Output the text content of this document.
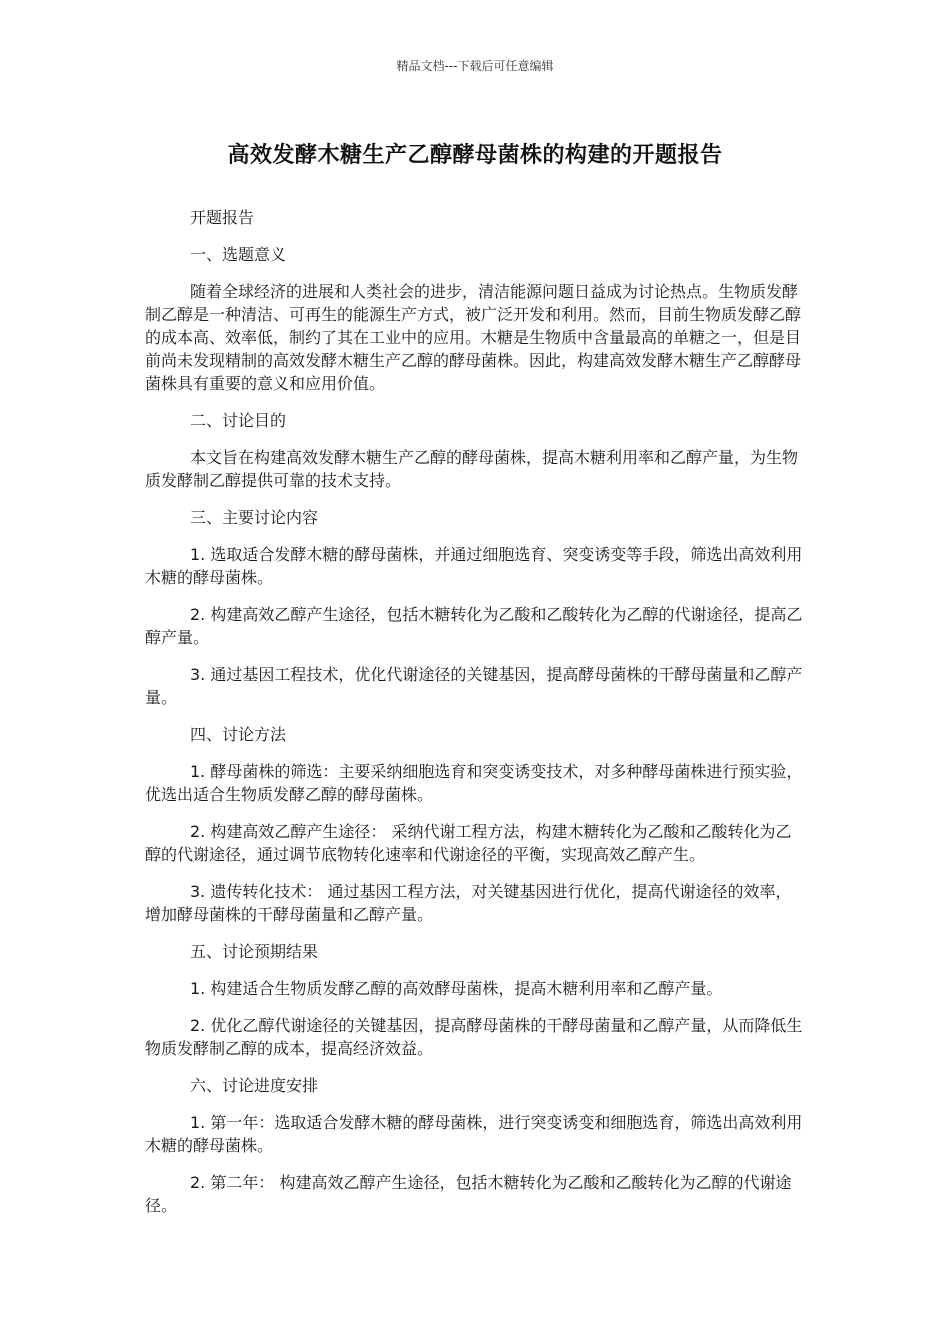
精品文档---下载后可任意编辑
高效发酵木糖生产乙醇酵母菌株的构建的开题报告

开题报告

一、选题意义

随着全球经济的进展和人类社会的进步，清洁能源问题日益成为讨论热点。生物质发酵制乙醇是一种清洁、可再生的能源生产方式，被广泛开发和利用。然而，目前生物质发酵乙醇的成本高、效率低，制约了其在工业中的应用。木糖是生物质中含量最高的单糖之一，但是目前尚未发现精制的高效发酵木糖生产乙醇的酵母菌株。因此，构建高效发酵木糖生产乙醇酵母菌株具有重要的意义和应用价值。

二、讨论目的

本文旨在构建高效发酵木糖生产乙醇的酵母菌株，提高木糖利用率和乙醇产量，为生物质发酵制乙醇提供可靠的技术支持。

三、主要讨论内容

1. 选取适合发酵木糖的酵母菌株，并通过细胞选育、突变诱变等手段，筛选出高效利用木糖的酵母菌株。

2. 构建高效乙醇产生途径，包括木糖转化为乙酸和乙酸转化为乙醇的代谢途径，提高乙醇产量。

3. 通过基因工程技术，优化代谢途径的关键基因，提高酵母菌株的干酵母菌量和乙醇产量。

四、讨论方法

1. 酵母菌株的筛选：主要采纳细胞选育和突变诱变技术，对多种酵母菌株进行预实验，优选出适合生物质发酵乙醇的酵母菌株。

2. 构建高效乙醇产生途径： 采纳代谢工程方法，构建木糖转化为乙酸和乙酸转化为乙醇的代谢途径，通过调节底物转化速率和代谢途径的平衡，实现高效乙醇产生。

3. 遗传转化技术： 通过基因工程方法，对关键基因进行优化，提高代谢途径的效率，增加酵母菌株的干酵母菌量和乙醇产量。

五、讨论预期结果

1. 构建适合生物质发酵乙醇的高效酵母菌株，提高木糖利用率和乙醇产量。

2. 优化乙醇代谢途径的关键基因，提高酵母菌株的干酵母菌量和乙醇产量，从而降低生物质发酵制乙醇的成本，提高经济效益。

六、讨论进度安排

1. 第一年：选取适合发酵木糖的酵母菌株，进行突变诱变和细胞选育，筛选出高效利用木糖的酵母菌株。

2. 第二年： 构建高效乙醇产生途径，包括木糖转化为乙酸和乙酸转化为乙醇的代谢途径。
